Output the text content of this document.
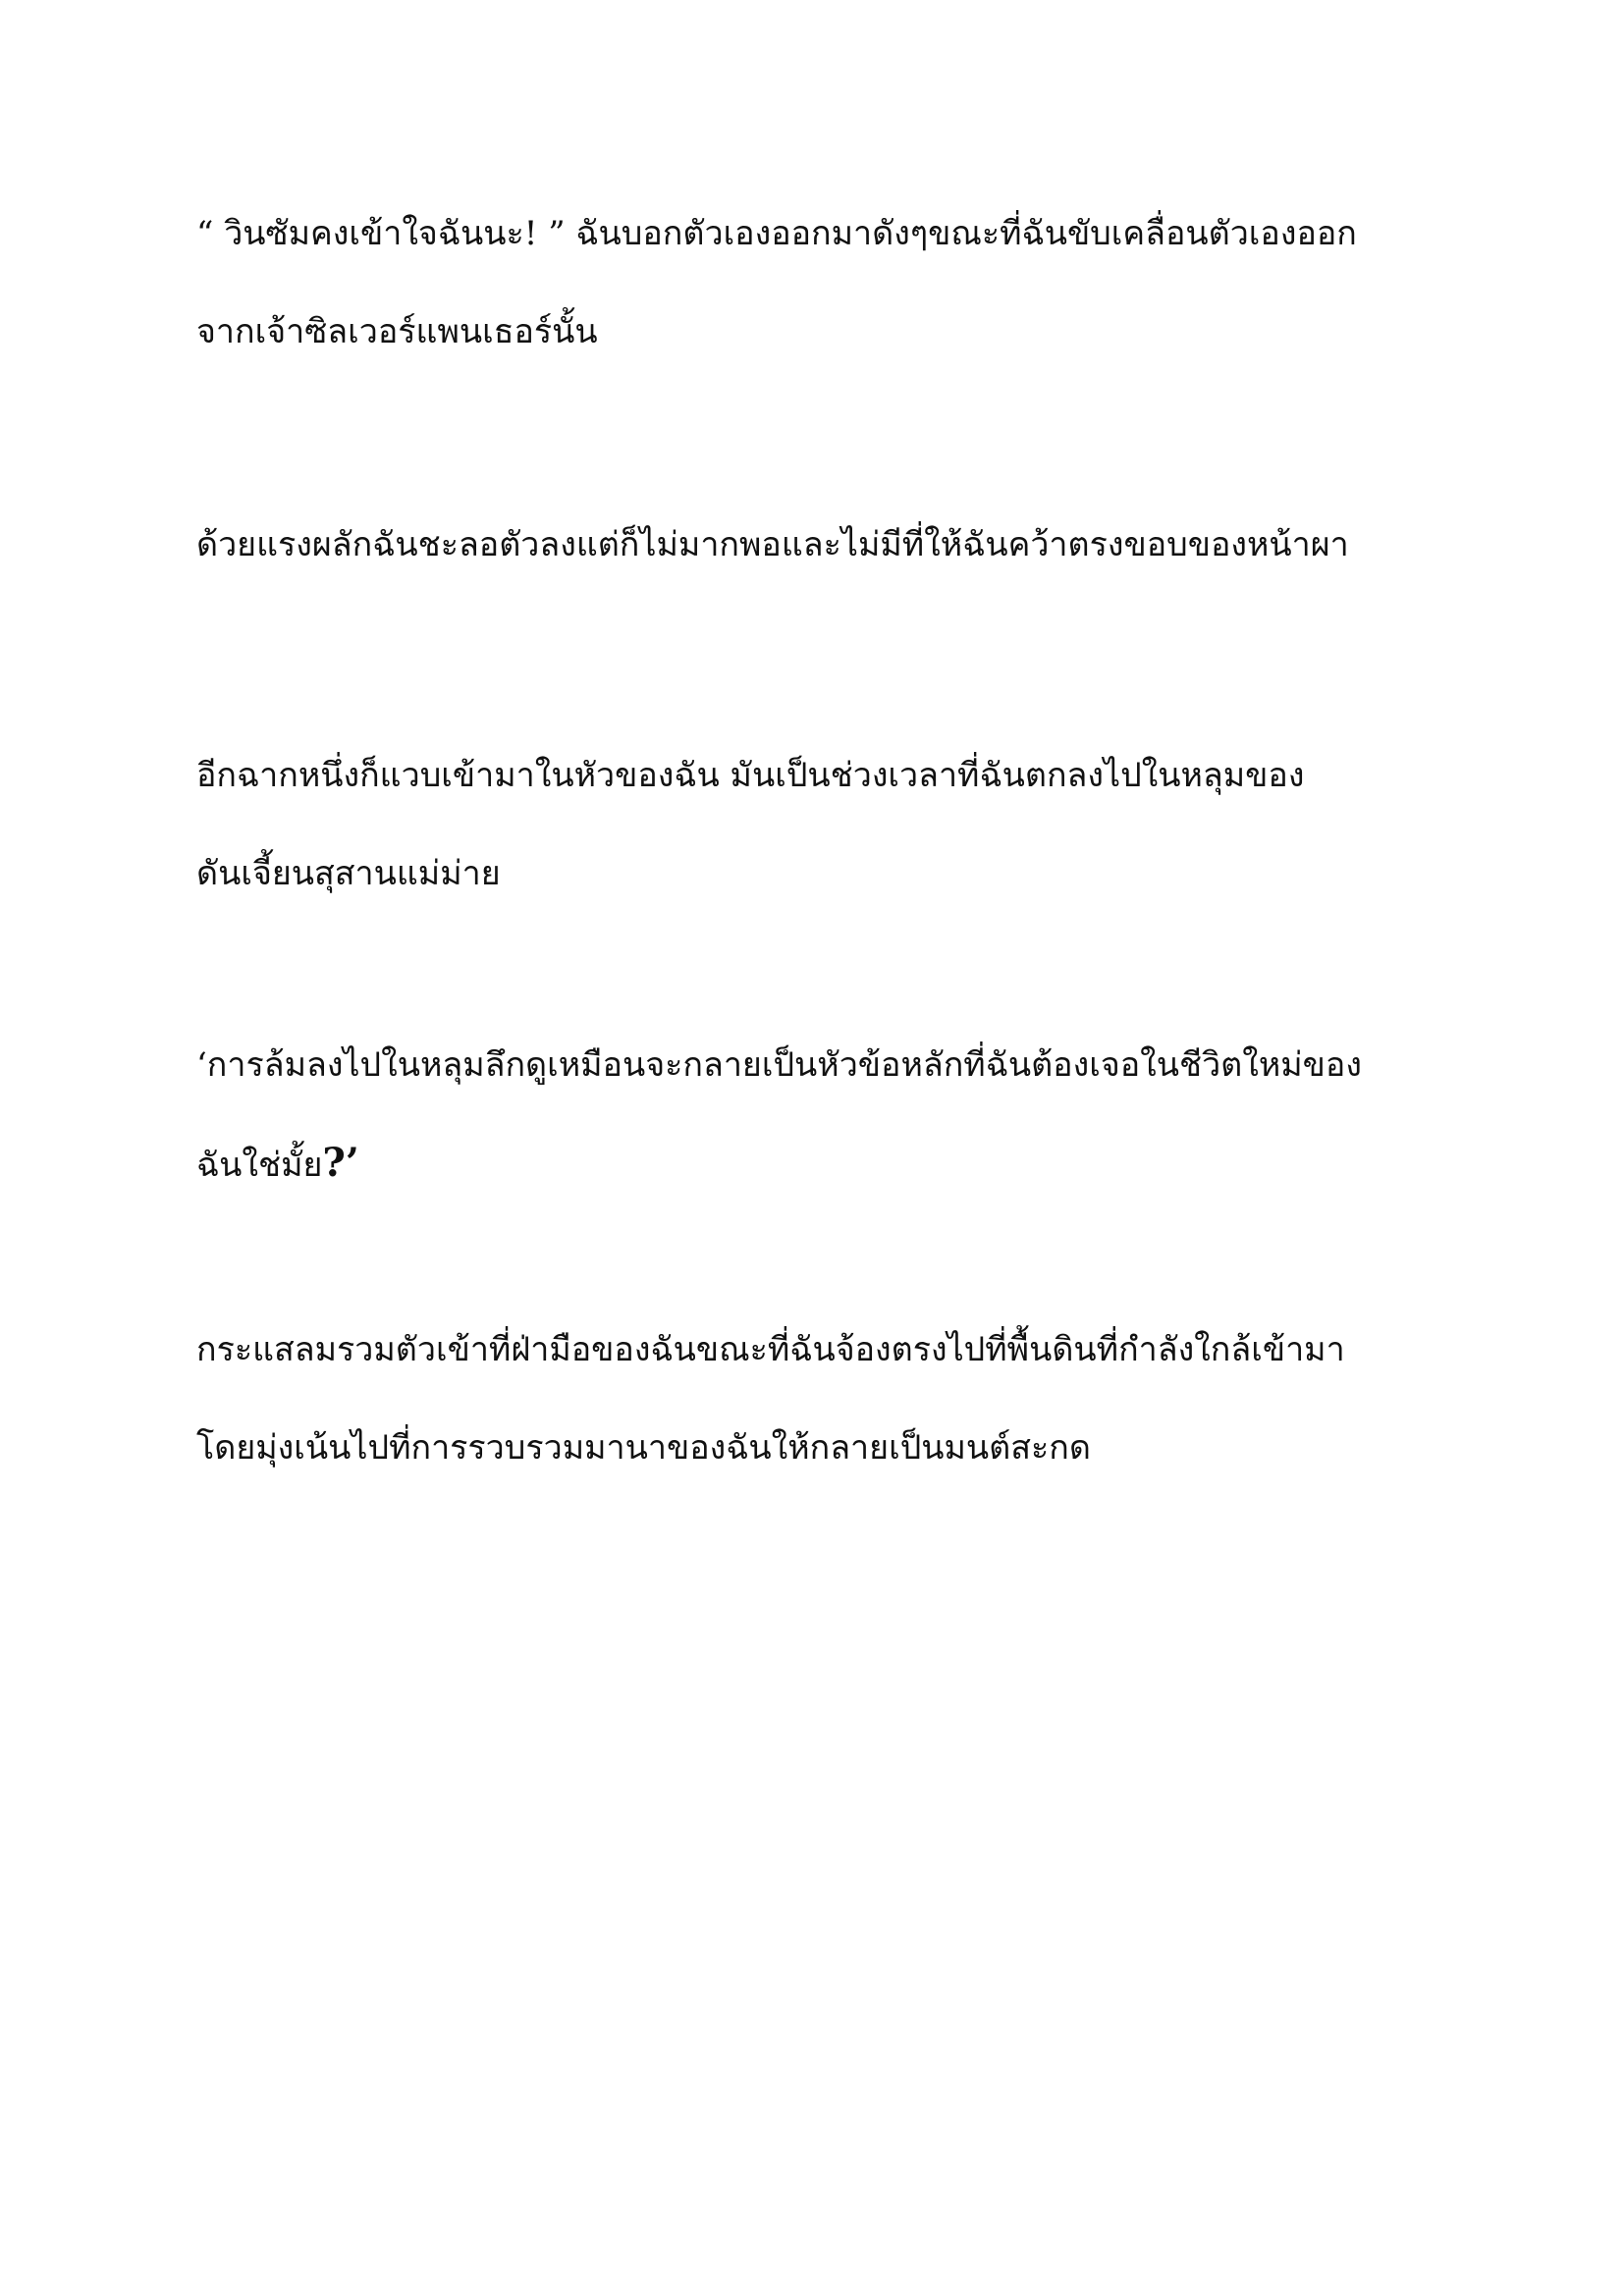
“ วินซัมคงเข้าใจฉันนะ! ” ฉันบอกตัวเองออกมาดังๆขณะที่ฉันขับเคลื่อนตัวเองออก
จากเจ้าซิลเวอร์แพนเธอร์นั้น
ด้วยแรงผลักฉันชะลอตัวลงแต่ก็ไม่มากพอและไม่มีที่ให้ฉันคว้าตรงขอบของหน้าผา
อีกฉากหนึ่งก็แวบเข้ามาในหัวของฉัน มันเป็นช่วงเวลาที่ฉันตกลงไปในหลุมของ
ดันเจี้ยนสุสานแม่ม่าย
‘การล้มลงไปในหลุมลึกดูเหมือนจะกลายเป็นหัวข้อหลักที่ฉันต้องเจอในชีวิตใหม่ของ
ฉันใช่มั้ย?’
กระแสลมรวมตัวเข้าที่ฝ่ามือของฉันขณะที่ฉันจ้องตรงไปที่พื้นดินที่กำลังใกล้เข้ามา
โดยมุ่งเน้นไปที่การรวบรวมมานาของฉันให้กลายเป็นมนต์สะกด
